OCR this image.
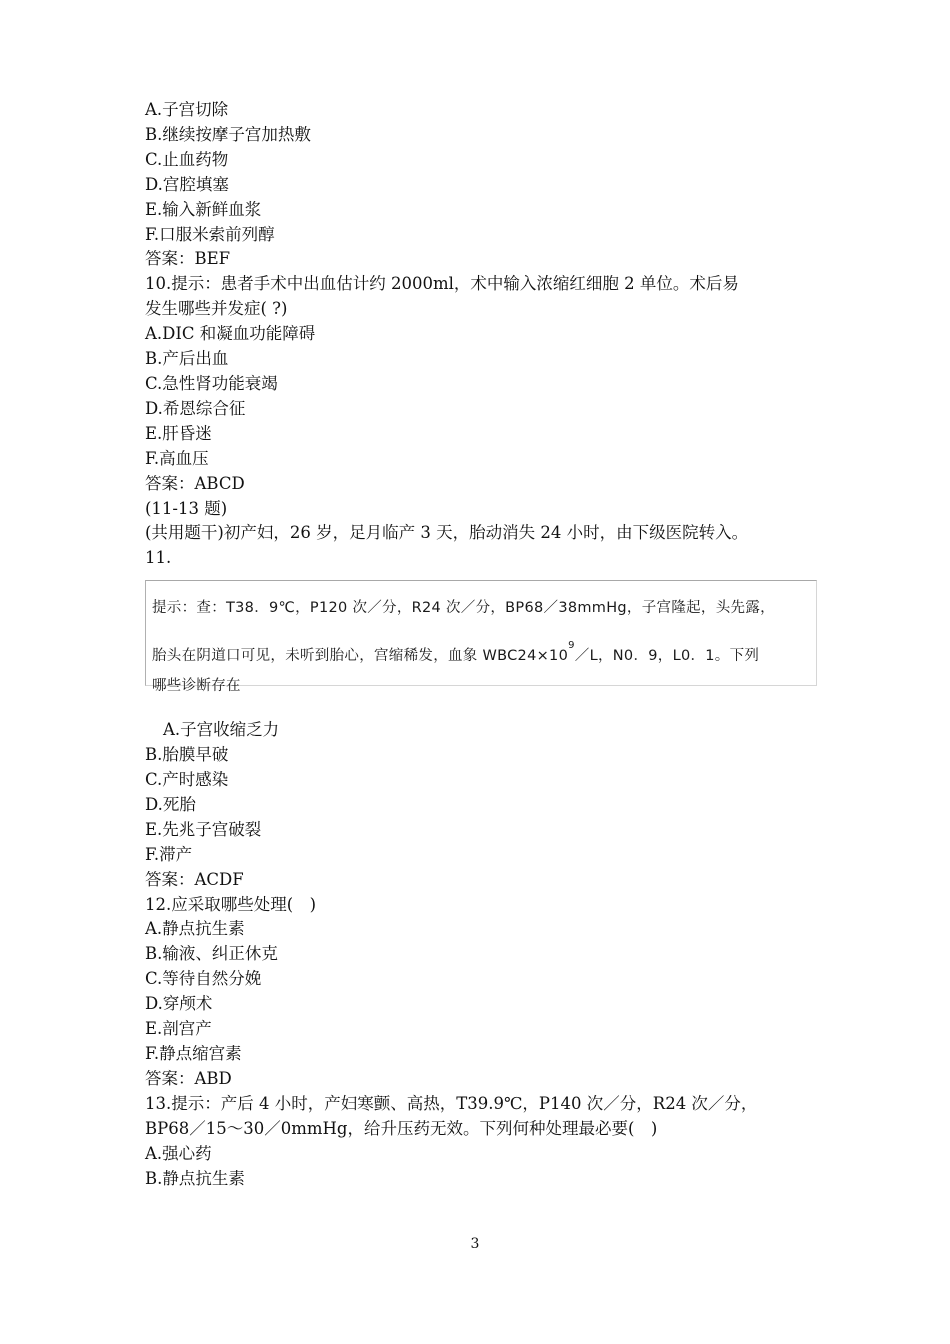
A.子宫切除
B.继续按摩子宫加热敷
C.止血药物
D.宫腔填塞
E.输入新鲜血浆
F.口服米索前列醇
答案：BEF
10.提示：患者手术中出血估计约 2000ml，术中输入浓缩红细胞 2 单位。术后易
发生哪些并发症( ?)
A.DIC 和凝血功能障碍
B.产后出血
C.急性肾功能衰竭
D.希恩综合征
E.肝昏迷
F.高血压
答案：ABCD
(11-13 题)
(共用题干)初产妇，26 岁，足月临产 3 天，胎动消失 24 小时，由下级医院转入。
11.
提示：查：T38．9℃，P120 次／分，R24 次／分，BP68／38mmHg，子宫隆起，头先露，
胎头在阴道口可见，未听到胎心，宫缩稀发，血象 $WBC24\times 10^9/L$，N0．9，L0．1。下列
哪些诊断存在
A.子宫收缩乏力
B.胎膜早破
C.产时感染
D.死胎
E.先兆子宫破裂
F.滞产
答案：ACDF
12.应采取哪些处理(　)
A.静点抗生素
B.输液、纠正休克
C.等待自然分娩
D.穿颅术
E.剖宫产
F.静点缩宫素
答案：ABD
13.提示：产后 4 小时，产妇寒颤、高热，T39.9℃，P140 次／分，R24 次／分，
BP68／15～30／0mmHg，给升压药无效。下列何种处理最必要(　)
A.强心药
B.静点抗生素
3
